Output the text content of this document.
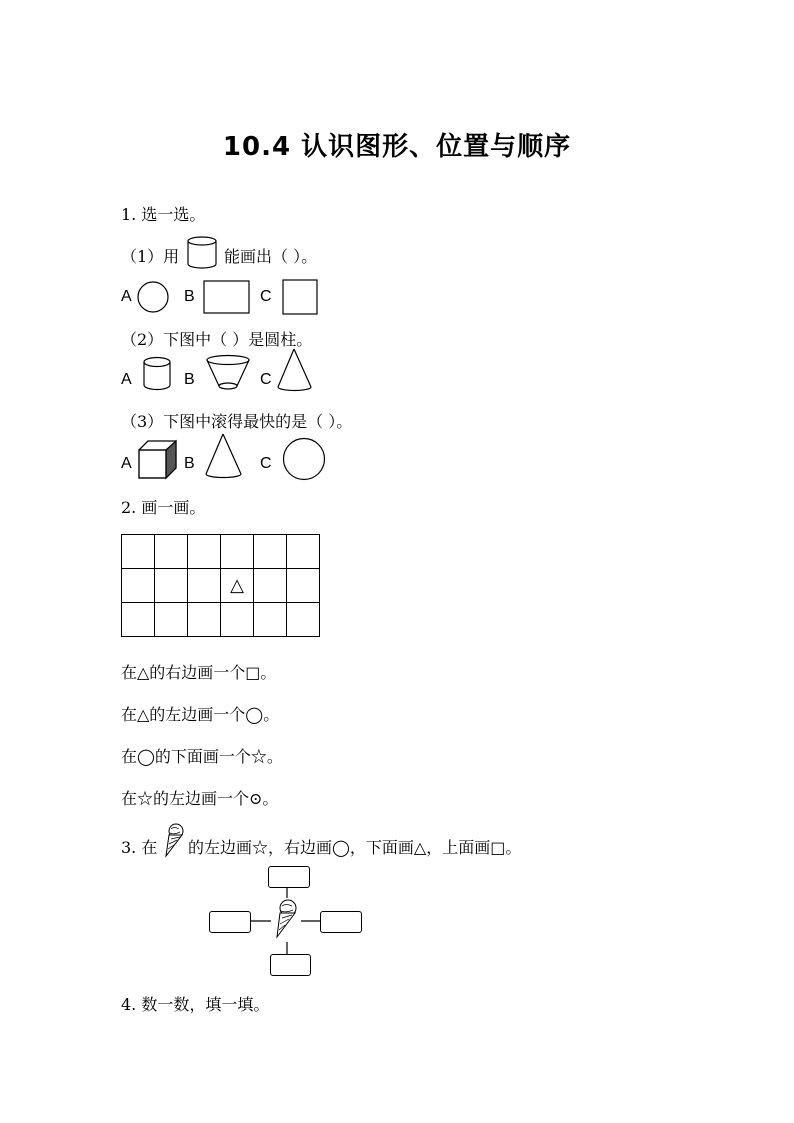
10.4 认识图形、位置与顺序
1. 选一选。
（1）用	能画出（ ）。
A	B	C
（2）下图中（ ）是圆柱。
A	B	C
（3）下图中滚得最快的是（ ）。
A	B	C
2. 画一画。

			△		

在△的右边画一个□。
在△的左边画一个◯。
在◯的下面画一个☆。
在☆的左边画一个⊙。
3. 在 的左边画☆，右边画◯，下面画△，上面画□。
4. 数一数，填一填。
